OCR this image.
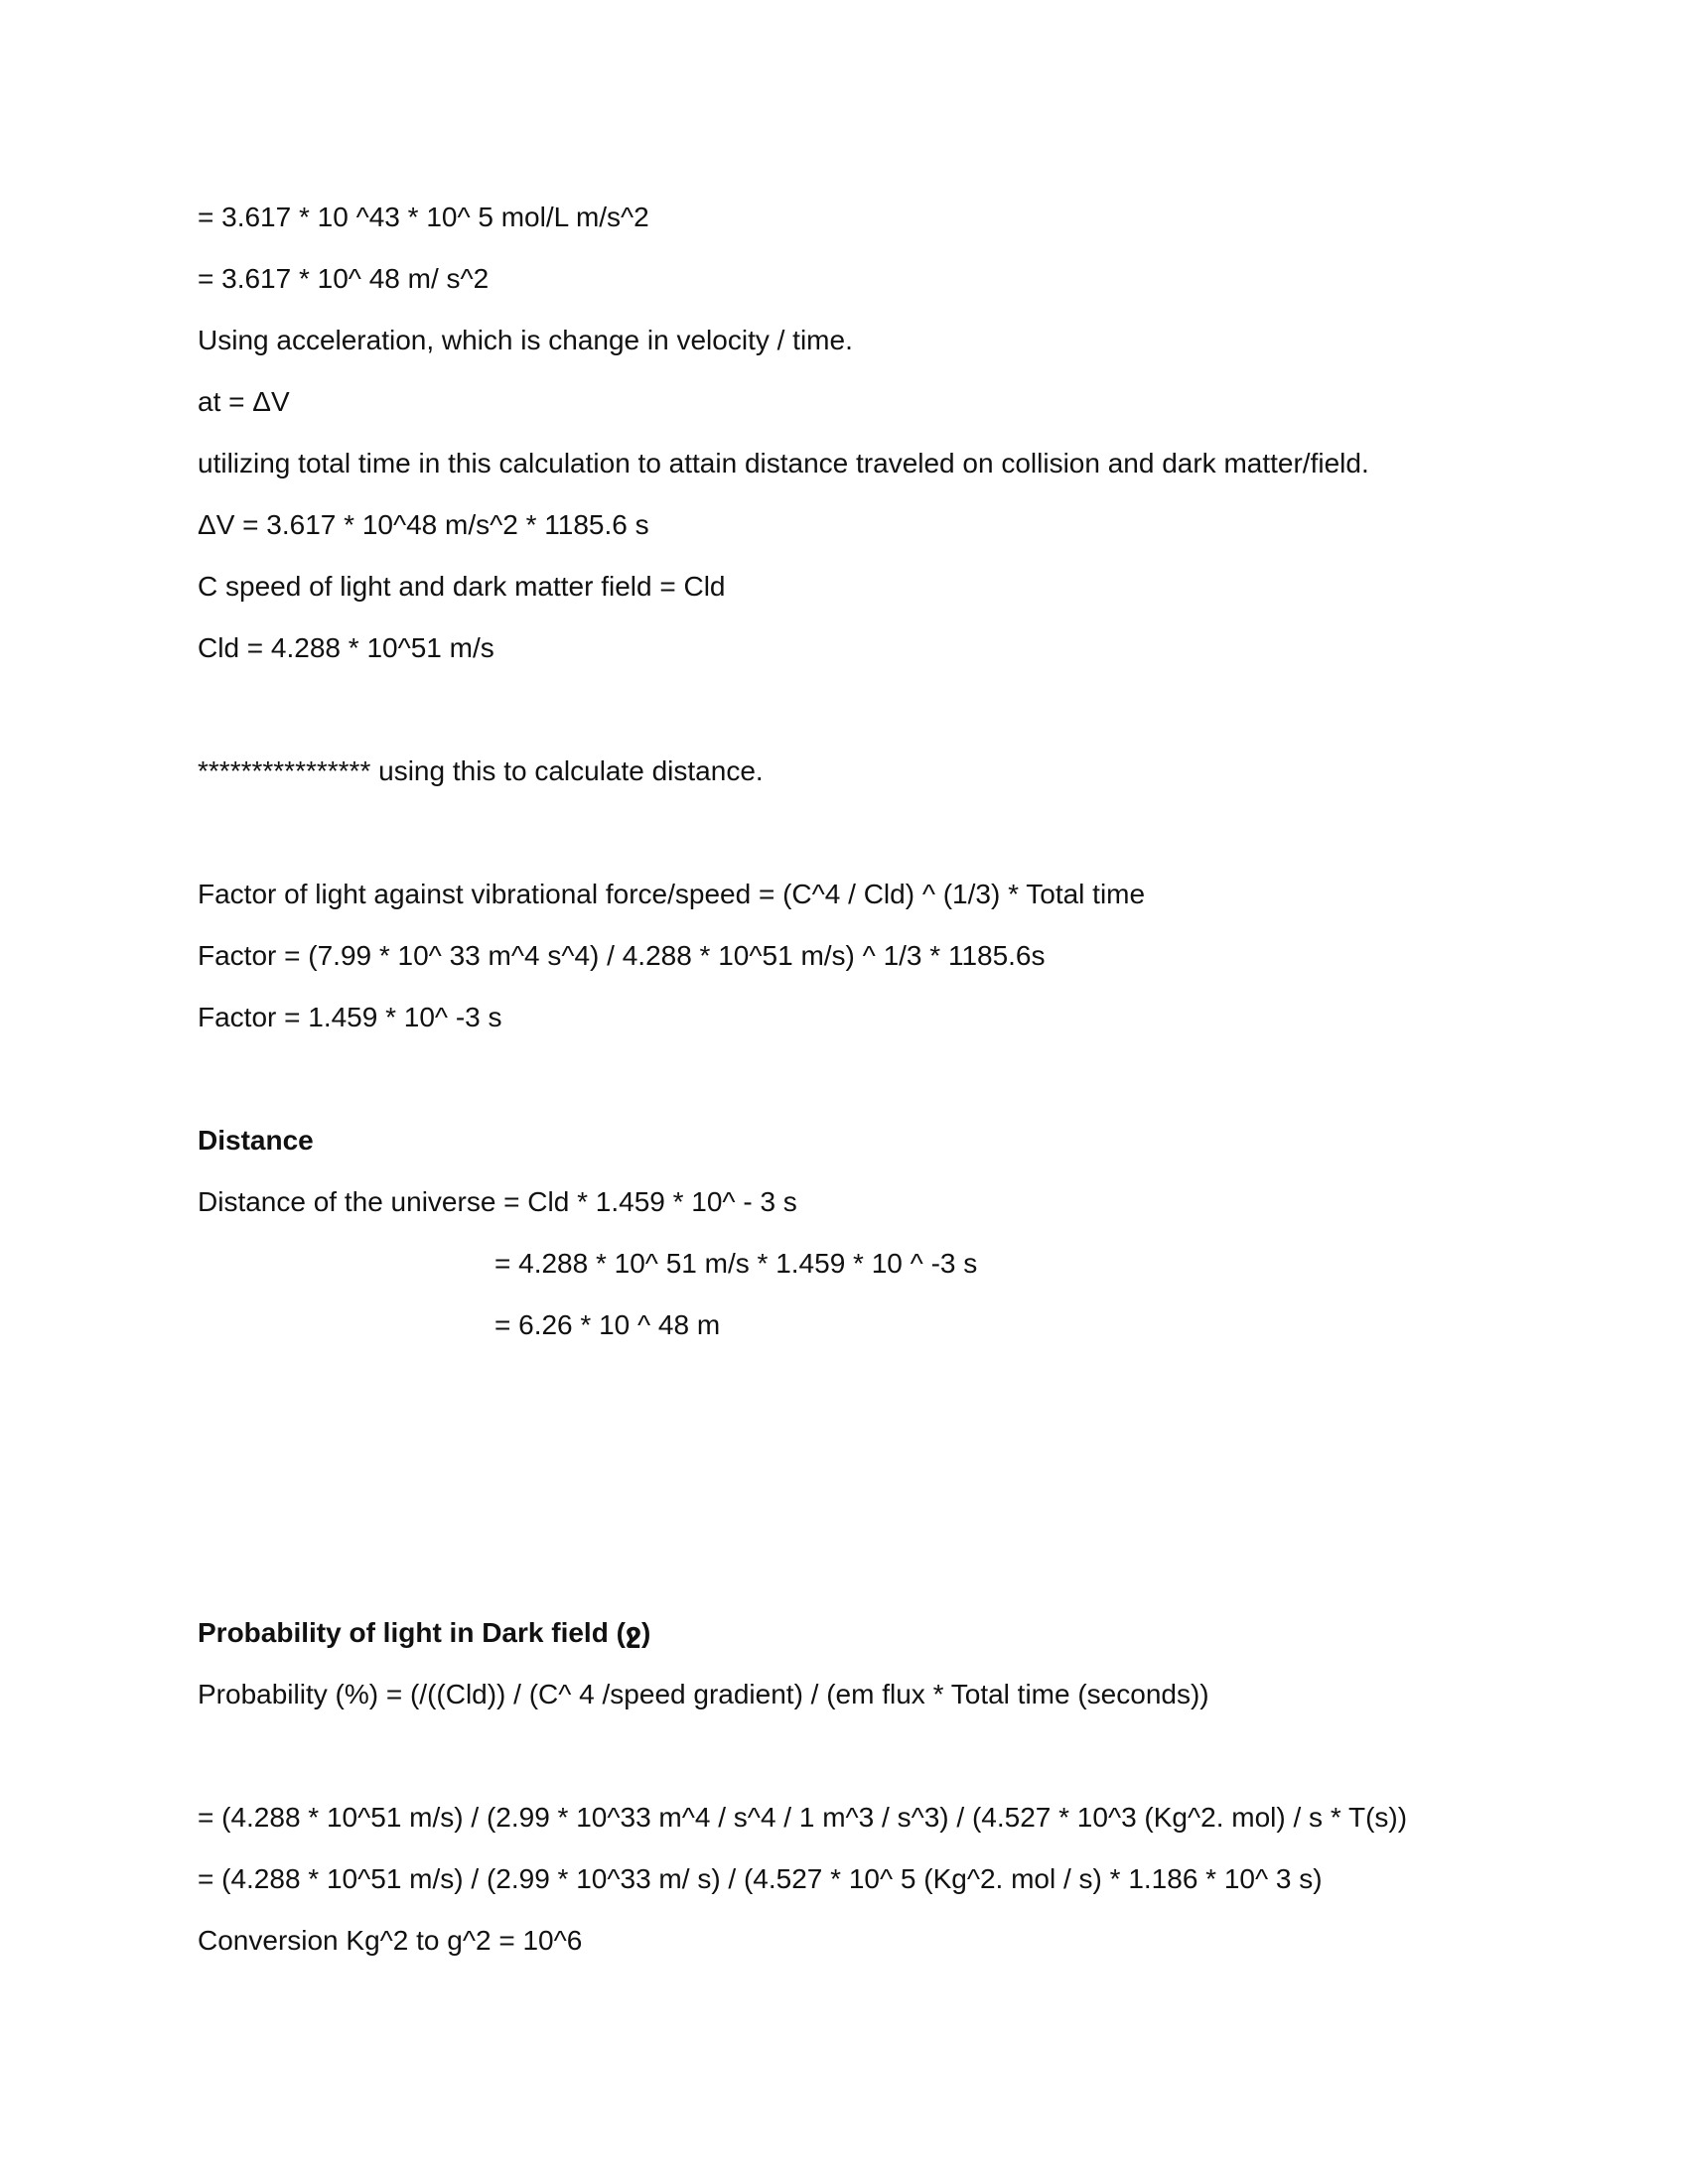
= 3.617 * 10 ^43 * 10^ 5 mol/L m/s^2
= 3.617 * 10^ 48 m/ s^2
Using acceleration, which is change in velocity / time.
at = ΔV
utilizing total time in this calculation to attain distance traveled on collision and dark matter/field.
ΔV = 3.617 * 10^48 m/s^2 * 1185.6 s
C speed of light and dark matter field = Cld
Cld = 4.288 * 10^51 m/s
**************** using this to calculate distance.
Factor of light against vibrational force/speed = (C^4 / Cld) ^ (1/3) * Total time
Factor = (7.99 * 10^ 33 m^4 s^4) / 4.288 * 10^51 m/s) ^ 1/3 * 1185.6s
Factor = 1.459 * 10^ -3 s
Distance
Distance of the universe = Cld * 1.459 * 10^ - 3 s
= 4.288 * 10^ 51 m/s * 1.459 * 10 ^ -3 s
= 6.26 * 10 ^ 48 m
Probability of light in Dark field (ջ)
Probability (%) = (/((Cld)) / (C^ 4 /speed gradient) / (em flux * Total time (seconds))
= (4.288 * 10^51 m/s) / (2.99 * 10^33 m^4 / s^4 / 1 m^3 / s^3) / (4.527 * 10^3 (Kg^2. mol) / s * T(s))
= (4.288 * 10^51 m/s) / (2.99 * 10^33 m/ s) / (4.527 * 10^ 5 (Kg^2. mol / s) * 1.186 * 10^ 3 s)
Conversion Kg^2 to g^2 = 10^6
